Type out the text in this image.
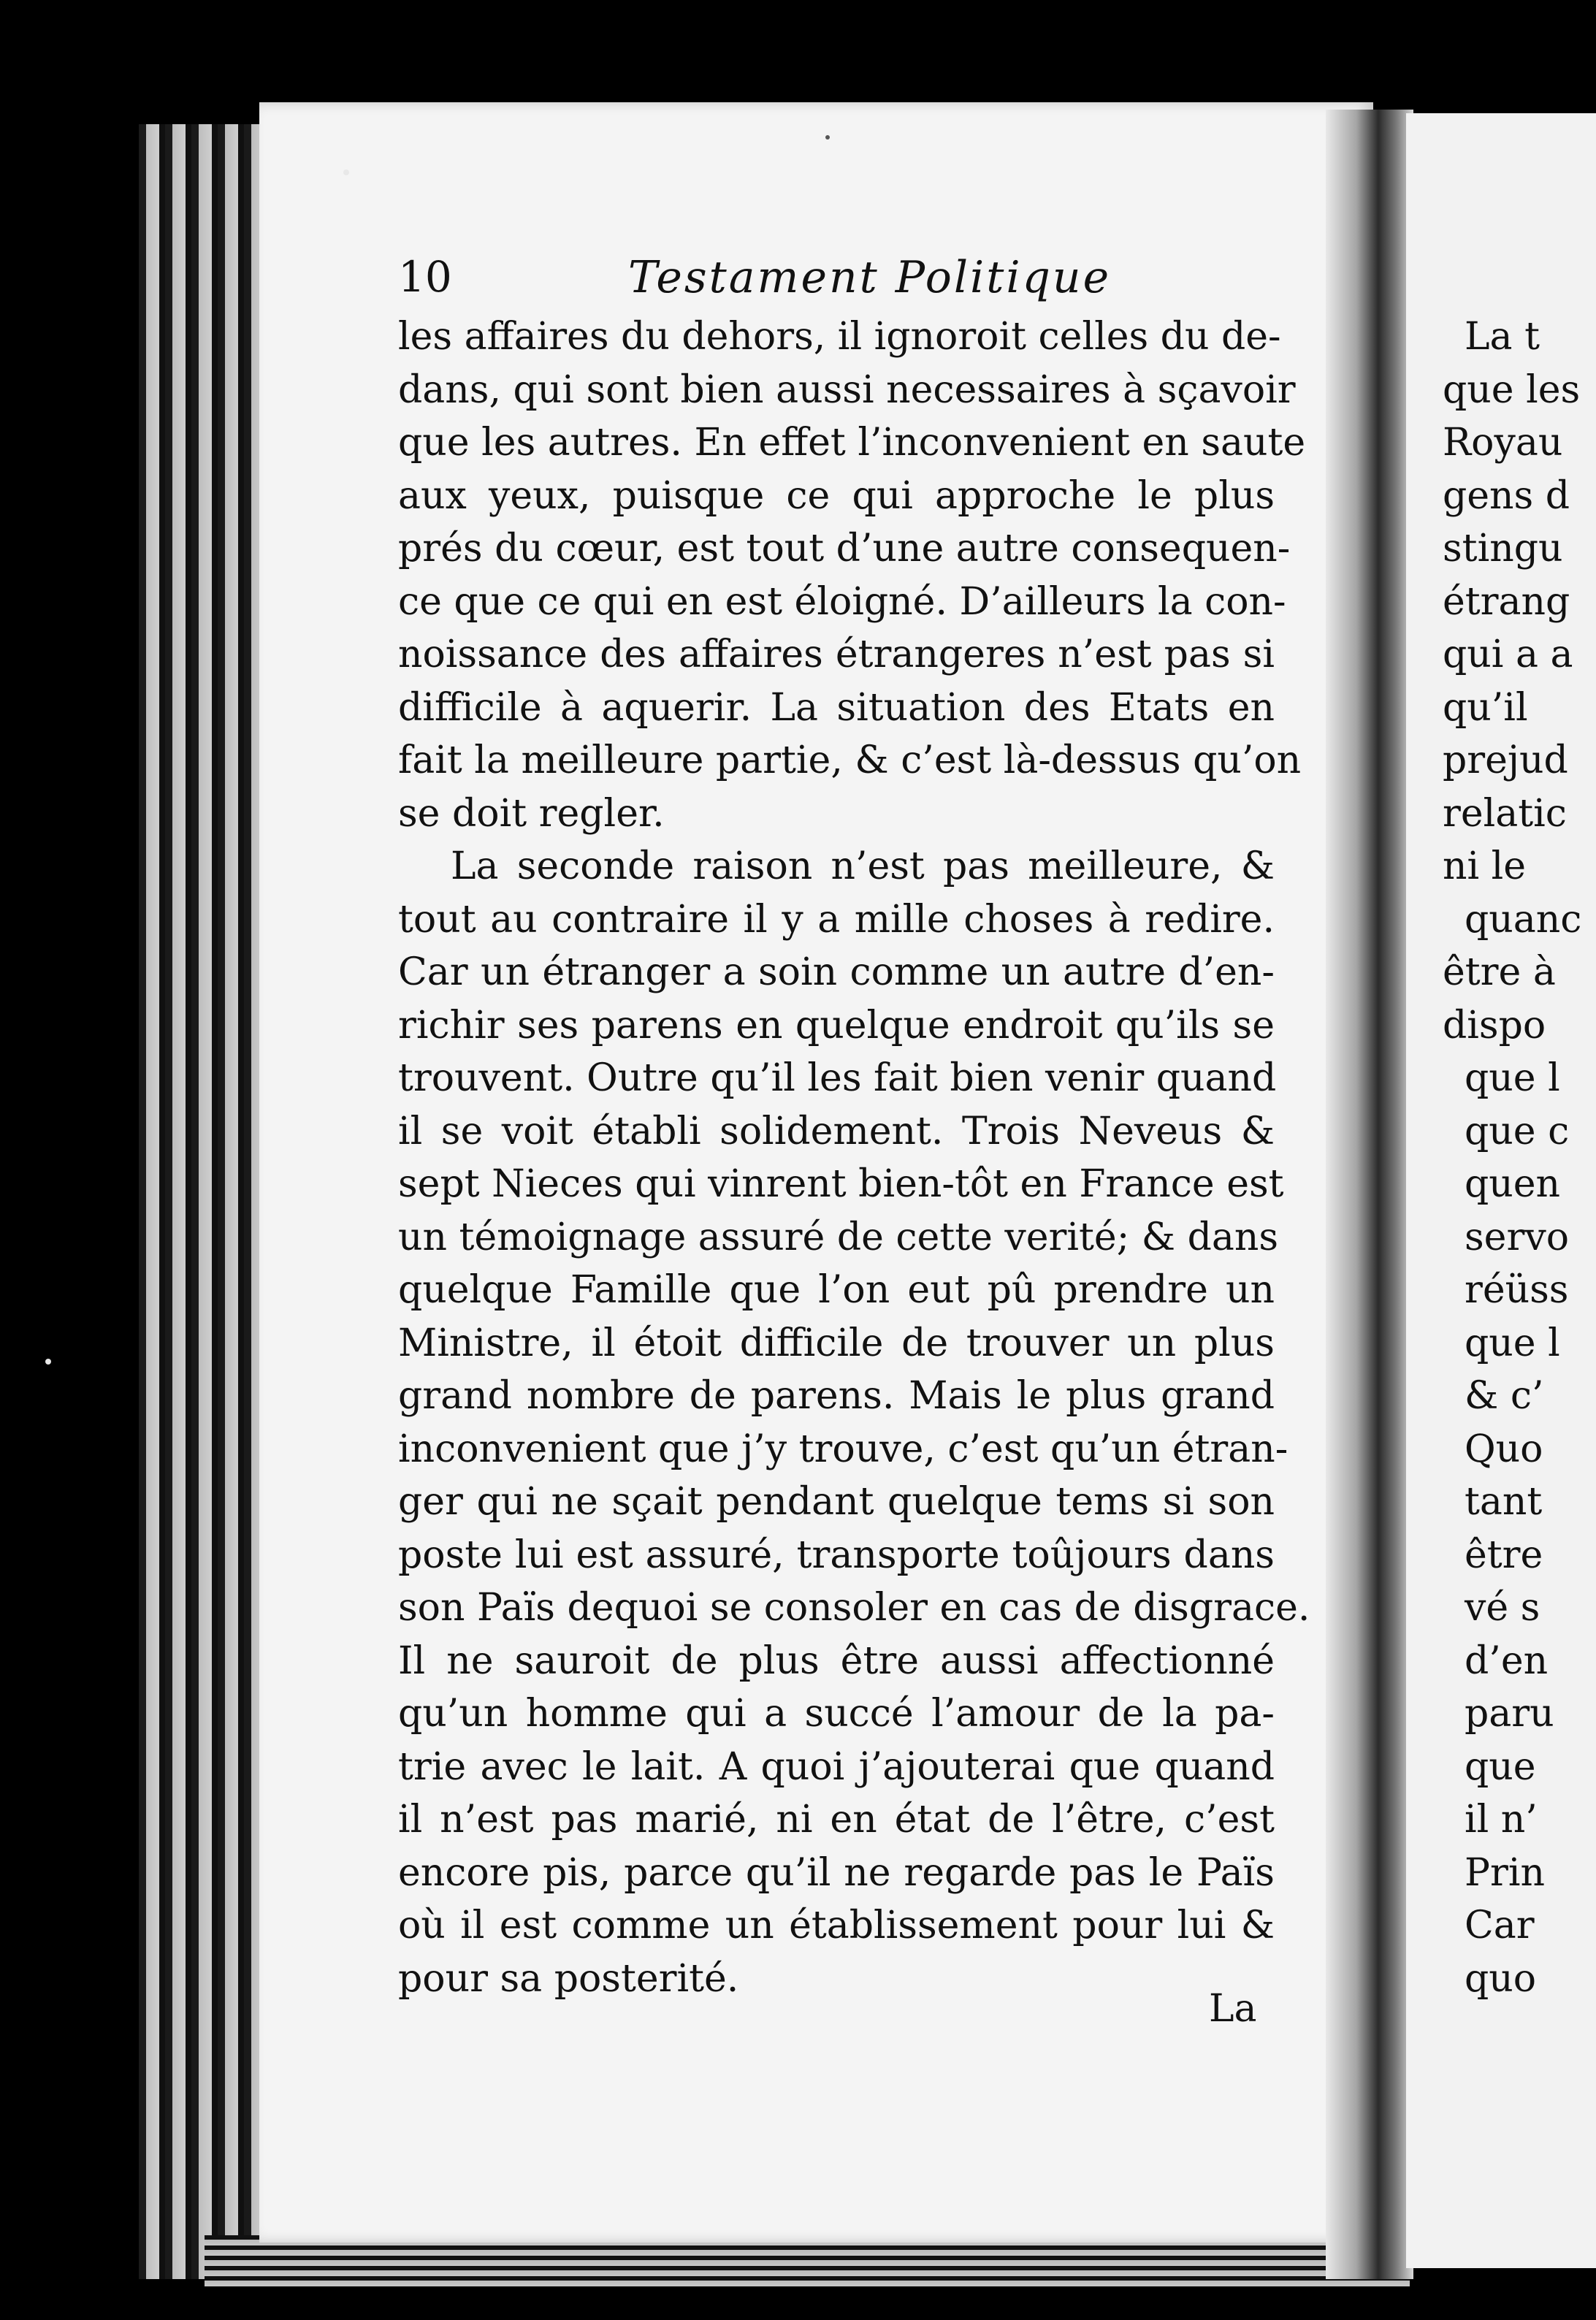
10	Testament Politique
les affaires du dehors, il ignoroit celles du de-
dans, qui sont bien aussi necessaires à sçavoir
que les autres. En effet l’inconvenient en saute
aux yeux, puisque ce qui approche le plus
prés du cœur, est tout d’une autre consequen-
ce que ce qui en est éloigné. D’ailleurs la con-
noissance des affaires étrangeres n’est pas si
difficile à aquerir. La situation des Etats en
fait la meilleure partie, & c’est là-dessus qu’on
se doit regler.
La seconde raison n’est pas meilleure, &
tout au contraire il y a mille choses à redire.
Car un étranger a soin comme un autre d’en-
richir ses parens en quelque endroit qu’ils se
trouvent. Outre qu’il les fait bien venir quand
il se voit établi solidement. Trois Neveus &
sept Nieces qui vinrent bien-tôt en France est
un témoignage assuré de cette verité; & dans
quelque Famille que l’on eut pû prendre un
Ministre, il étoit difficile de trouver un plus
grand nombre de parens. Mais le plus grand
inconvenient que j’y trouve, c’est qu’un étran-
ger qui ne sçait pendant quelque tems si son
poste lui est assuré, transporte toûjours dans
son Païs dequoi se consoler en cas de disgrace.
Il ne sauroit de plus être aussi affectionné
qu’un homme qui a succé l’amour de la pa-
trie avec le lait. A quoi j’ajouterai que quand
il n’est pas marié, ni en état de l’être, c’est
encore pis, parce qu’il ne regarde pas le Païs
où il est comme un établissement pour lui &
pour sa posterité.
La
La t
que les
Royau
gens d
stingu
étrang
qui a a
qu’il
prejud
relatic
ni le
quanc
être à
dispo
que l
que c
quen
servo
réüss
que l
& c’
Quo
tant
être
vé s
d’en
paru
que
il n’
Prin
Car
quo
